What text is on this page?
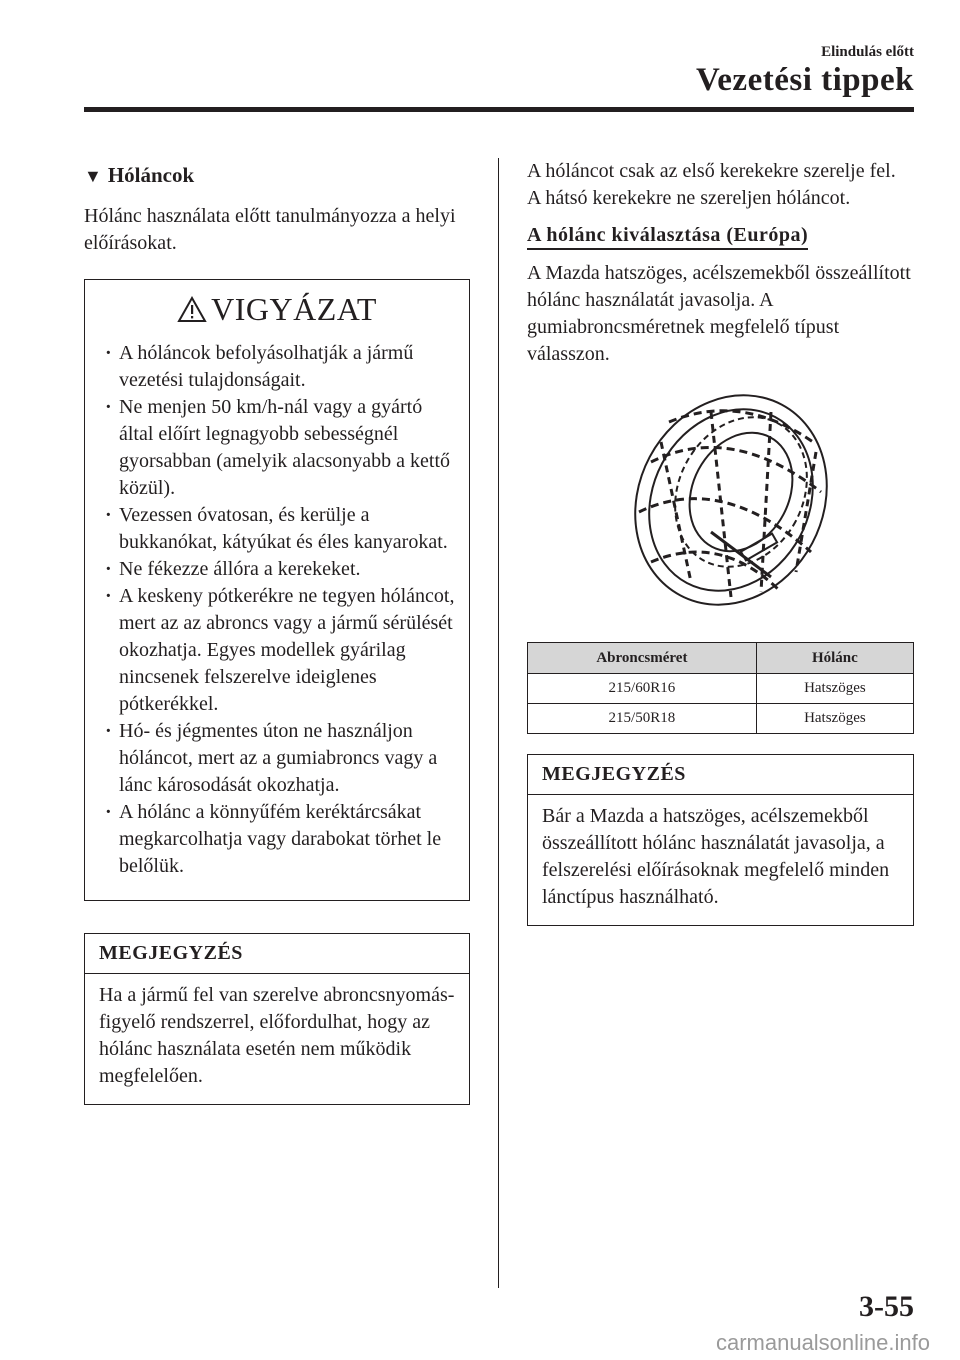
Elindulás előtt
Vezetési tippek
▼ Hóláncok

Hólánc használata előtt tanulmányozza a helyi előírásokat.

VIGYÁZAT
· A hóláncok befolyásolhatják a jármű vezetési tulajdonságait.
· Ne menjen 50 km/h-nál vagy a gyártó által előírt legnagyobb sebességnél gyorsabban (amelyik alacsonyabb a kettő közül).
· Vezessen óvatosan, és kerülje a bukkanókat, kátyúkat és éles kanyarokat.
· Ne fékezze állóra a kerekeket.
· A keskeny pótkerékre ne tegyen hóláncot, mert az az abroncs vagy a jármű sérülését okozhatja. Egyes modellek gyárilag nincsenek felszerelve ideiglenes pótkerékkel.
· Hó- és jégmentes úton ne használjon hóláncot, mert az a gumiabroncs vagy a lánc károsodását okozhatja.
· A hólánc a könnyűfém keréktárcsákat megkarcolhatja vagy darabokat törhet le belőlük.
MEGJEGYZÉS

Ha a jármű fel van szerelve abroncsnyomás-figyelő rendszerrel, előfordulhat, hogy az hólánc használata esetén nem működik megfelelően.

A hóláncot csak az első kerekekre szerelje fel.

A hátsó kerekekre ne szereljen hóláncot.

A hólánc kiválasztása (Európa)

A Mazda hatszöges, acélszemekből összeállított hólánc használatát javasolja. A gumiabroncsméretnek megfelelő típust válasszon.

Abroncsméret	Hólánc
215/60R16	Hatszöges
215/50R18	Hatszöges
MEGJEGYZÉS

Bár a Mazda a hatszöges, acélszemekből összeállított hólánc használatát javasolja, a felszerelési előírásoknak megfelelő minden lánctípus használható.

3-55
carmanualsonline.info
